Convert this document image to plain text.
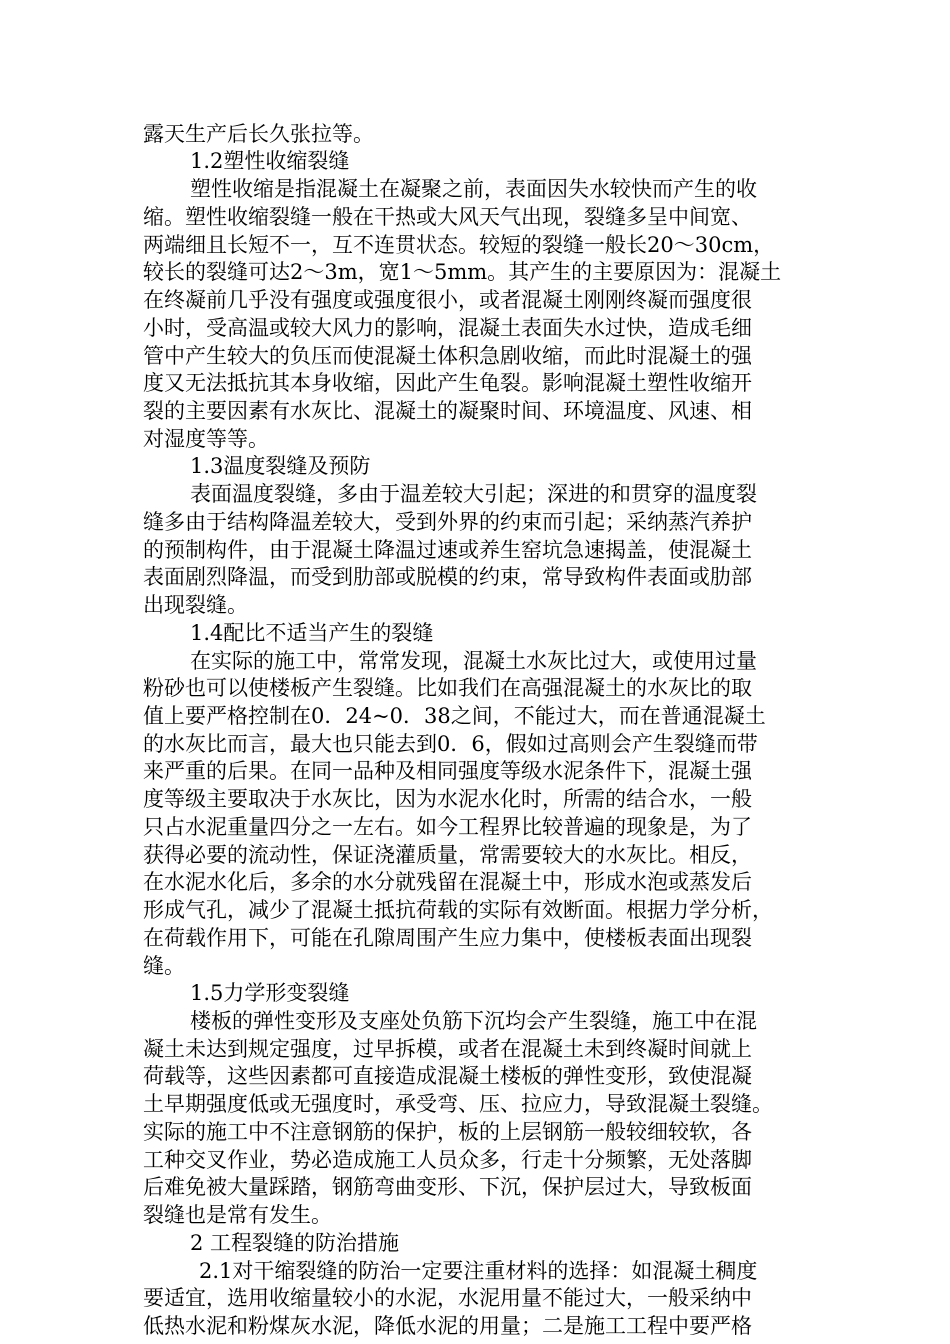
露天生产后长久张拉等。
1.2塑性收缩裂缝
塑性收缩是指混凝土在凝聚之前，表面因失水较快而产生的收
缩。塑性收缩裂缝一般在干热或大风天气出现，裂缝多呈中间宽、
两端细且长短不一，互不连贯状态。较短的裂缝一般长20～30cm，
较长的裂缝可达2～3m，宽1～5mm。其产生的主要原因为：混凝土
在终凝前几乎没有强度或强度很小，或者混凝土刚刚终凝而强度很
小时，受高温或较大风力的影响，混凝土表面失水过快，造成毛细
管中产生较大的负压而使混凝土体积急剧收缩，而此时混凝土的强
度又无法抵抗其本身收缩，因此产生龟裂。影响混凝土塑性收缩开
裂的主要因素有水灰比、混凝土的凝聚时间、环境温度、风速、相
对湿度等等。
1.3温度裂缝及预防
表面温度裂缝，多由于温差较大引起；深进的和贯穿的温度裂
缝多由于结构降温差较大，受到外界的约束而引起；采纳蒸汽养护
的预制构件，由于混凝土降温过速或养生窑坑急速揭盖，使混凝土
表面剧烈降温，而受到肋部或脱模的约束，常导致构件表面或肋部
出现裂缝。
1.4配比不适当产生的裂缝
在实际的施工中，常常发现，混凝土水灰比过大，或使用过量
粉砂也可以使楼板产生裂缝。比如我们在高强混凝土的水灰比的取
值上要严格控制在0．24~0．38之间，不能过大，而在普通混凝土
的水灰比而言，最大也只能去到0．6，假如过高则会产生裂缝而带
来严重的后果。在同一品种及相同强度等级水泥条件下，混凝土强
度等级主要取决于水灰比，因为水泥水化时，所需的结合水，一般
只占水泥重量四分之一左右。如今工程界比较普遍的现象是，为了
获得必要的流动性，保证浇灌质量，常需要较大的水灰比。相反，
在水泥水化后，多余的水分就残留在混凝土中，形成水泡或蒸发后
形成气孔，减少了混凝土抵抗荷载的实际有效断面。根据力学分析，
在荷载作用下，可能在孔隙周围产生应力集中，使楼板表面出现裂
缝。
1.5力学形变裂缝
楼板的弹性变形及支座处负筋下沉均会产生裂缝，施工中在混
凝土未达到规定强度，过早拆模，或者在混凝土未到终凝时间就上
荷载等，这些因素都可直接造成混凝土楼板的弹性变形，致使混凝
土早期强度低或无强度时，承受弯、压、拉应力，导致混凝土裂缝。
实际的施工中不注意钢筋的保护，板的上层钢筋一般较细较软，各
工种交叉作业，势必造成施工人员众多，行走十分频繁，无处落脚
后难免被大量踩踏，钢筋弯曲变形、下沉，保护层过大，导致板面
裂缝也是常有发生。
2 工程裂缝的防治措施
2.1对干缩裂缝的防治一定要注重材料的选择：如混凝土稠度
要适宜，选用收缩量较小的水泥，水泥用量不能过大，一般采纳中
低热水泥和粉煤灰水泥，降低水泥的用量；二是施工工程中要严格
